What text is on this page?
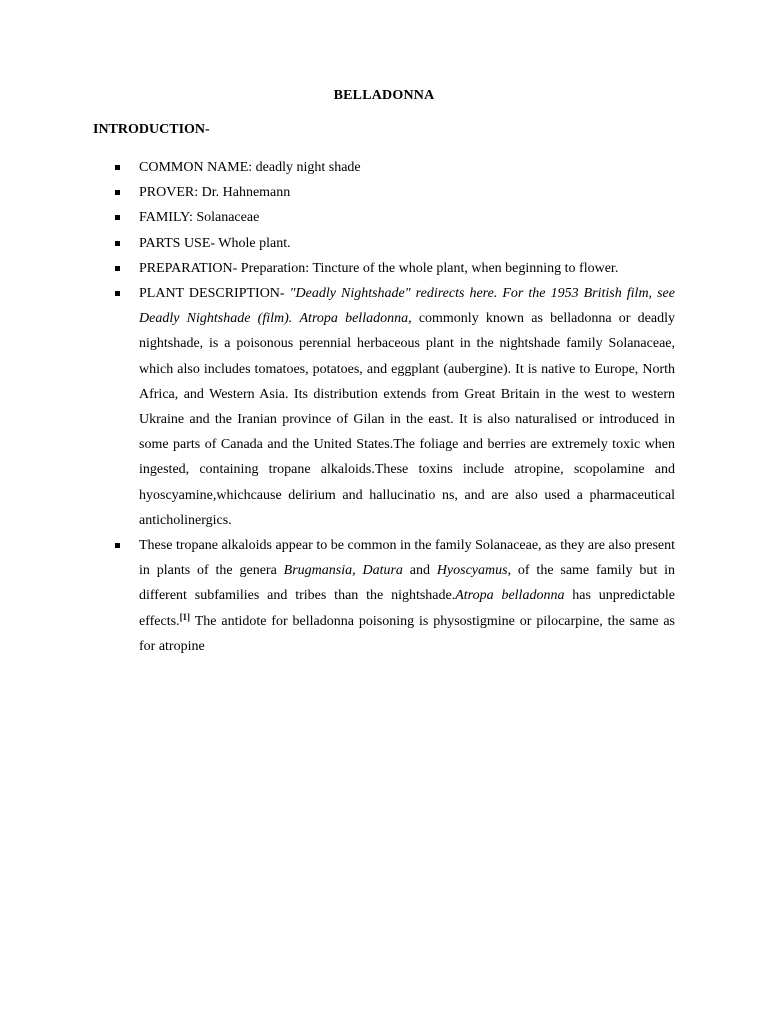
BELLADONNA
INTRODUCTION-
COMMON NAME: deadly night shade
PROVER: Dr. Hahnemann
FAMILY: Solanaceae
PARTS USE- Whole plant.
PREPARATION- Preparation: Tincture of the whole plant, when beginning to flower.
PLANT DESCRIPTION- "Deadly Nightshade" redirects here. For the 1953 British film, see Deadly Nightshade (film). Atropa belladonna, commonly known as belladonna or deadly nightshade, is a poisonous perennial herbaceous plant in the nightshade family Solanaceae, which also includes tomatoes, potatoes, and eggplant (aubergine). It is native to Europe, North Africa, and Western Asia. Its distribution extends from Great Britain in the west to western Ukraine and the Iranian province of Gilan in the east. It is also naturalised or introduced in some parts of Canada and the United States.The foliage and berries are extremely toxic when ingested, containing tropane alkaloids.These toxins include atropine, scopolamine and hyoscyamine,whichcause delirium and hallucinatio ns, and are also used a pharmaceutical anticholinergics.
These tropane alkaloids appear to be common in the family Solanaceae, as they are also present in plants of the genera Brugmansia, Datura and Hyoscyamus, of the same family but in different subfamilies and tribes than the nightshade.Atropa belladonna has unpredictable effects.[1] The antidote for belladonna poisoning is physostigmine or pilocarpine, the same as for atropine
